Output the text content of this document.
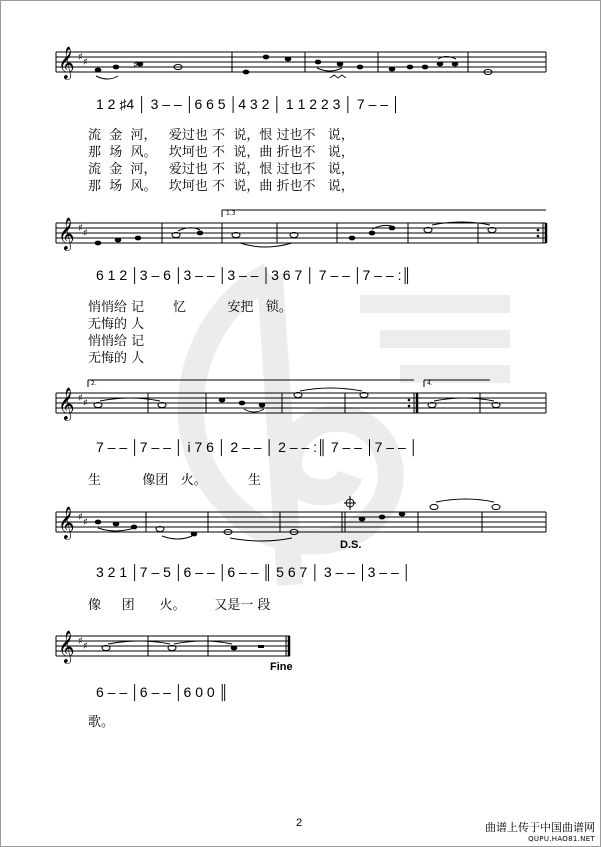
𝄞 ♯ ♯	♯
1 2 ♯4 │ 3 – – │6 6 5 │4 3 2 │ 1 1 2 2 3 │ 7 – – │
流  金  河，   爱过也 不  说，恨 过也不   说，
那  场  风。   坎坷也 不  说，曲 折也不   说，
流  金  河，   爱过也 不  说，恨 过也不   说，
那  场  风。   坎坷也 不  说，曲 折也不   说，
𝄞 ♯ ♯
1.3
6 1 2 │3 – 6 │3 – – │3 – – │3 6 7 │ 7 – – │7 – – :║
悄悄给 记       忆          安把   锁。
无悔的 人
悄悄给 记
无悔的 人
𝄞 ♯ ♯
2.	4.
7 – – │7 – – │ i 7 6 │ 2 – – │ 2 – – :║ 7 – – │7 – – │
生          像团   火。          生
𝄞 ♯ ♯
D.S.
3 2 1 │7 – 5 │6 – – │6 – – ║ 5 6 7 │ 3 – – │3 – – │
像     团      火。       又是一 段
𝄞 ♯ ♯
Fine
6 – – │6 – – │6 0 0 ║
歌。
2	曲谱上传于中国曲谱网
QUPU.HAO81.NET
